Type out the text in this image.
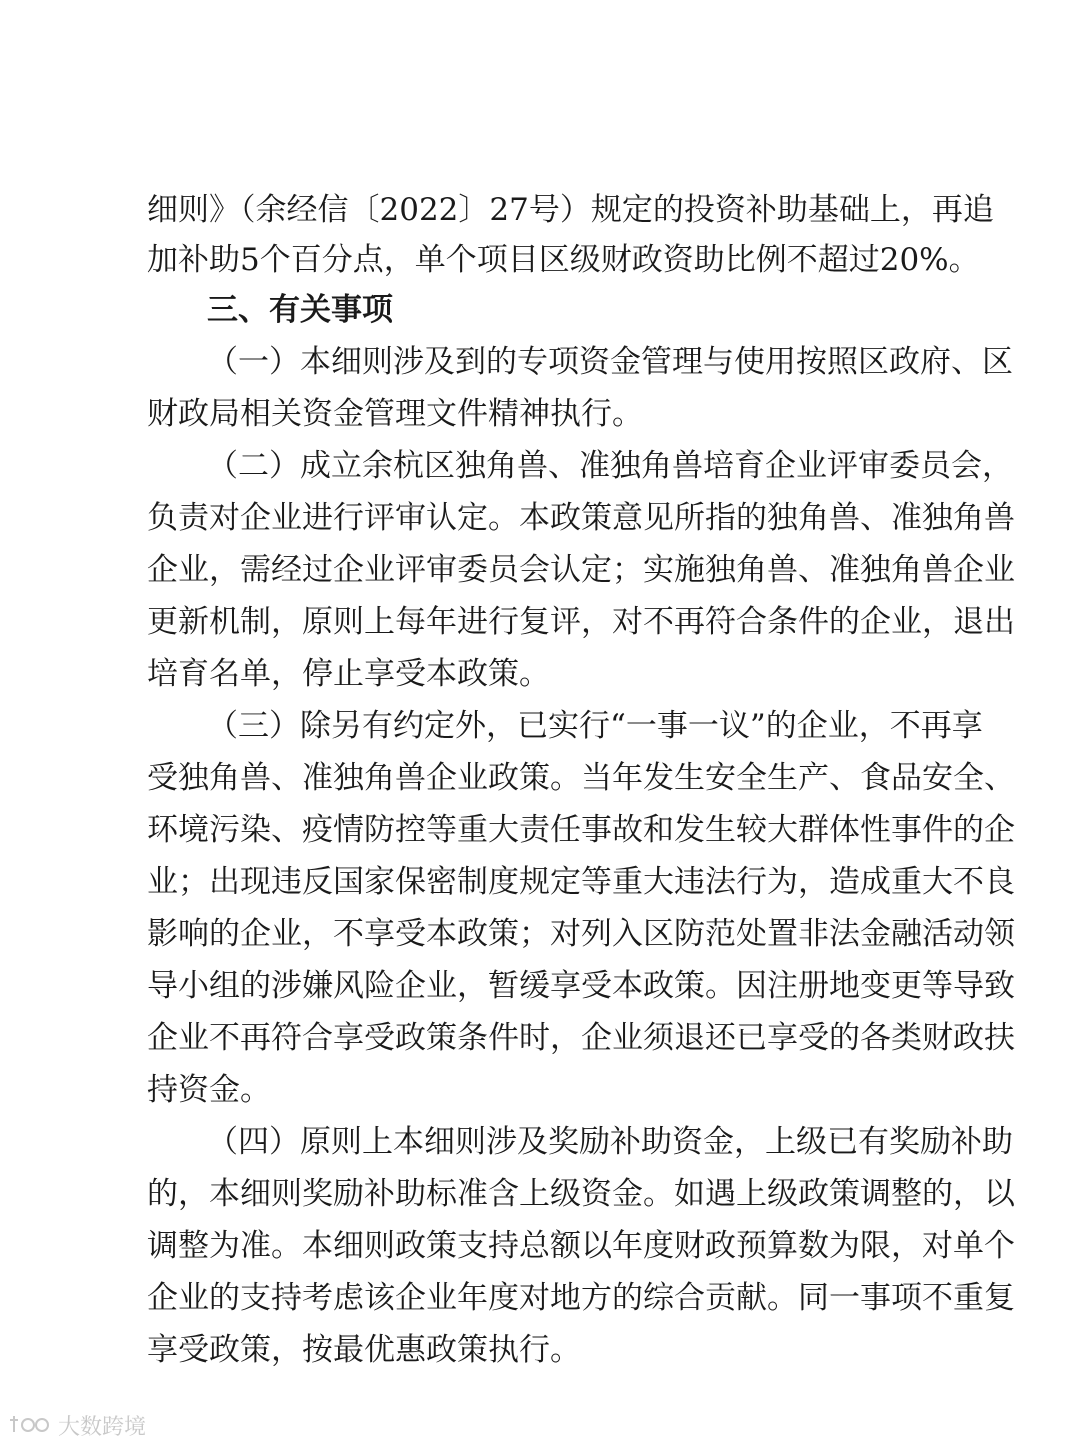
细则》（余经信〔2022〕27号）规定的投资补助基础上，再追
加补助5个百分点，单个项目区级财政资助比例不超过20%。
三、有关事项
（一）本细则涉及到的专项资金管理与使用按照区政府、区
财政局相关资金管理文件精神执行。
（二）成立余杭区独角兽、准独角兽培育企业评审委员会，
负责对企业进行评审认定。本政策意见所指的独角兽、准独角兽
企业，需经过企业评审委员会认定；实施独角兽、准独角兽企业
更新机制，原则上每年进行复评，对不再符合条件的企业，退出
培育名单，停止享受本政策。
（三）除另有约定外，已实行“一事一议”的企业，不再享
受独角兽、准独角兽企业政策。当年发生安全生产、食品安全、
环境污染、疫情防控等重大责任事故和发生较大群体性事件的企
业；出现违反国家保密制度规定等重大违法行为，造成重大不良
影响的企业，不享受本政策；对列入区防范处置非法金融活动领
导小组的涉嫌风险企业，暂缓享受本政策。因注册地变更等导致
企业不再符合享受政策条件时，企业须退还已享受的各类财政扶
持资金。
（四）原则上本细则涉及奖励补助资金，上级已有奖励补助
的，本细则奖励补助标准含上级资金。如遇上级政策调整的，以
调整为准。本细则政策支持总额以年度财政预算数为限，对单个
企业的支持考虑该企业年度对地方的综合贡献。同一事项不重复
享受政策，按最优惠政策执行。
大数跨境
